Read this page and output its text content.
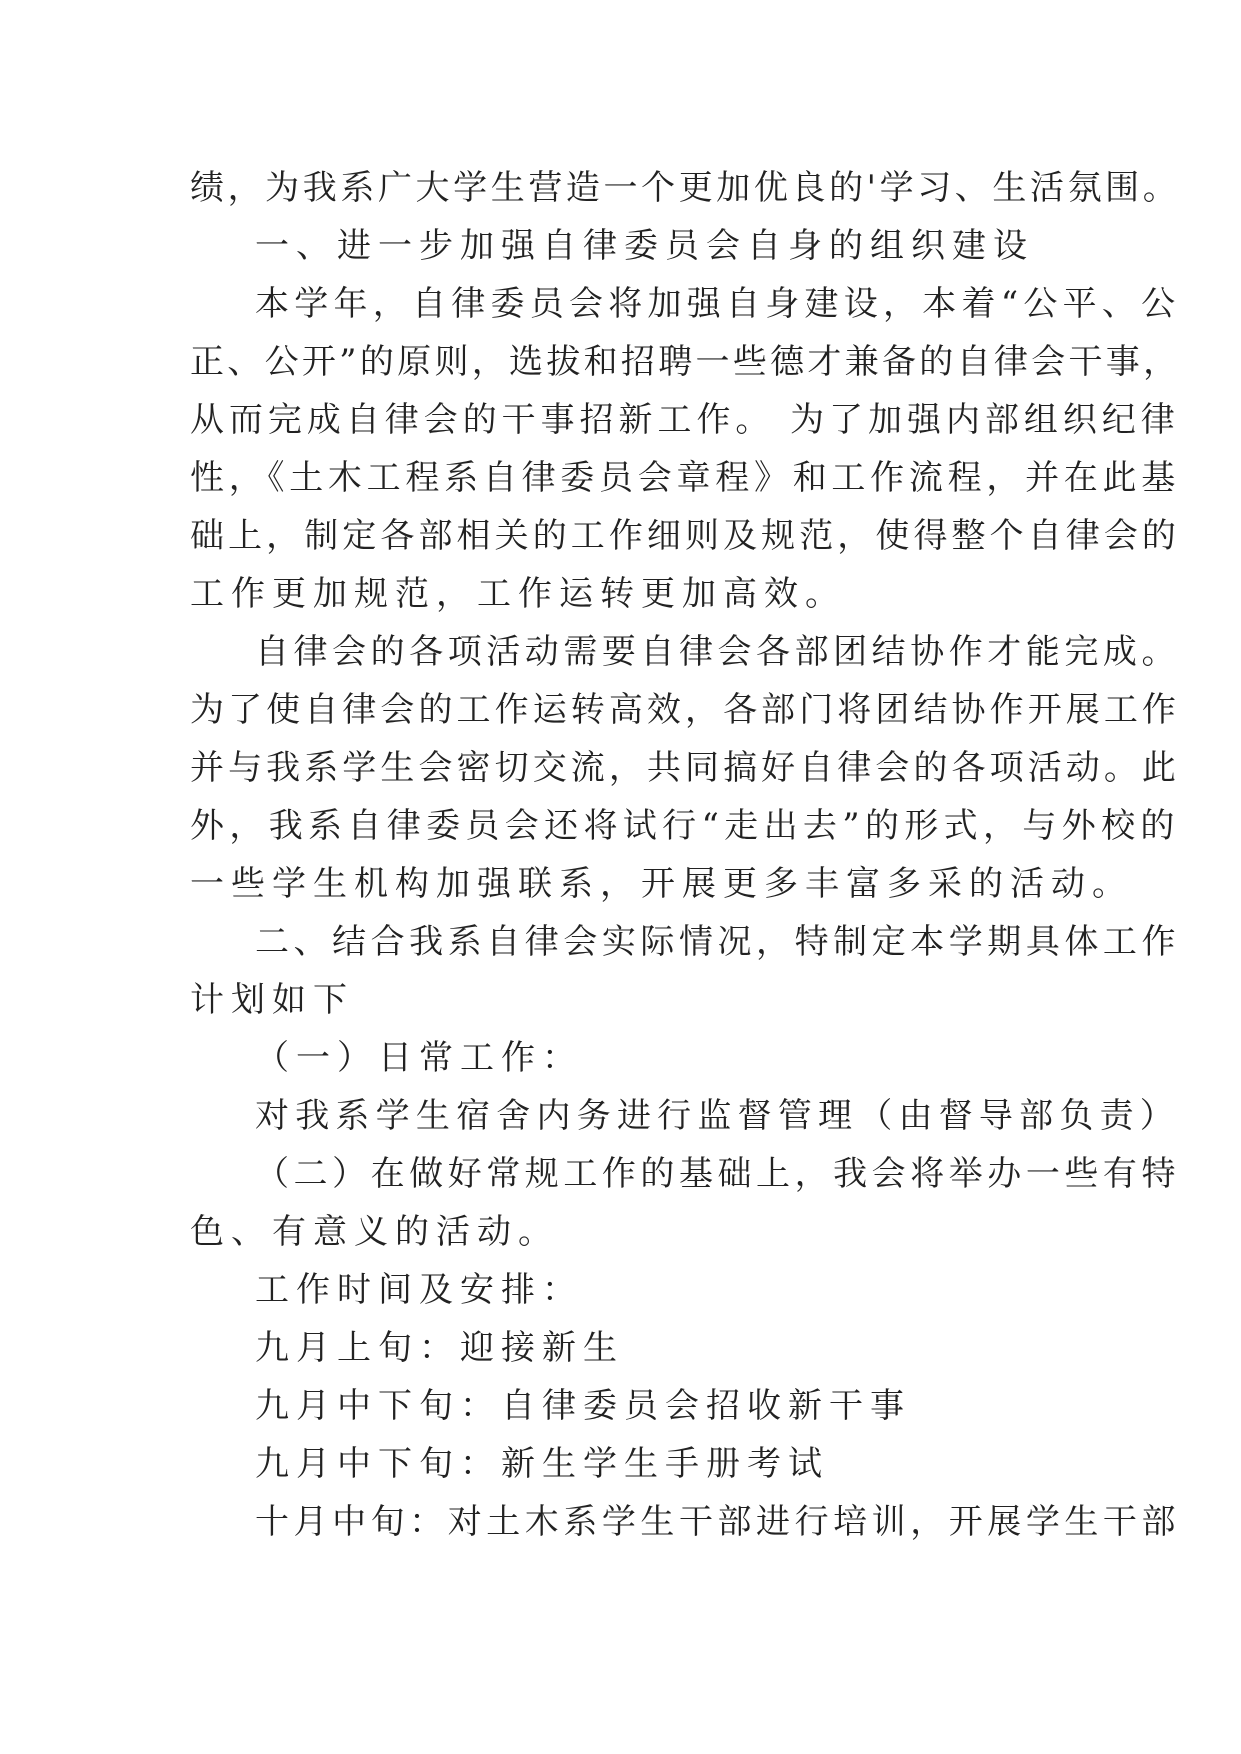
绩，为我系广大学生营造一个更加优良的'学习、生活氛围。
一、进一步加强自律委员会自身的组织建设
本学年，自律委员会将加强自身建设，本着“公平、公
正、公开”的原则，选拔和招聘一些德才兼备的自律会干事，
从而完成自律会的干事招新工作。 为了加强内部组织纪律
性，《土木工程系自律委员会章程》和工作流程，并在此基
础上，制定各部相关的工作细则及规范，使得整个自律会的
工作更加规范，工作运转更加高效。
自律会的各项活动需要自律会各部团结协作才能完成。
为了使自律会的工作运转高效，各部门将团结协作开展工作
并与我系学生会密切交流，共同搞好自律会的各项活动。此
外，我系自律委员会还将试行“走出去”的形式，与外校的
一些学生机构加强联系，开展更多丰富多采的活动。
二、结合我系自律会实际情况，特制定本学期具体工作
计划如下
（一）日常工作：
对我系学生宿舍内务进行监督管理（由督导部负责）
（二）在做好常规工作的基础上，我会将举办一些有特
色、有意义的活动。
工作时间及安排：
九月上旬：迎接新生
九月中下旬：自律委员会招收新干事
九月中下旬：新生学生手册考试
十月中旬：对土木系学生干部进行培训，开展学生干部
